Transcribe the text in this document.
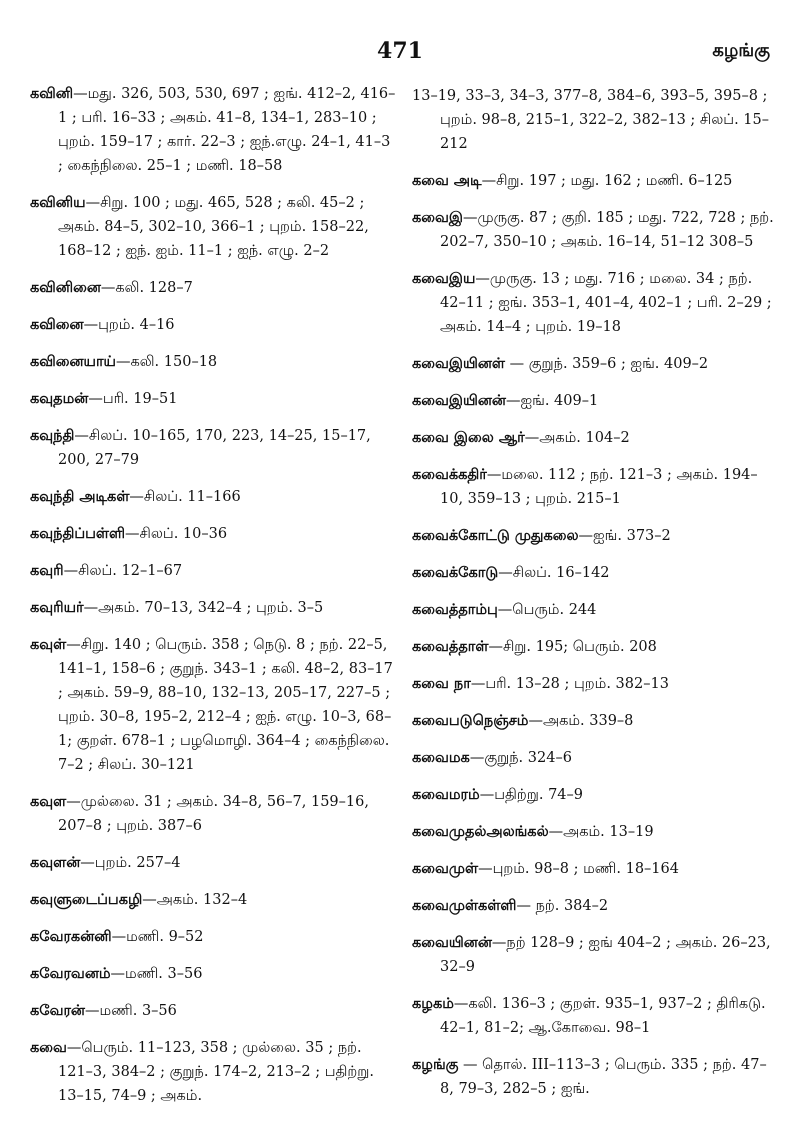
471	கழங்கு

கவினி—மது. 326, 503, 530, 697 ; ஐங். 412–2, 416–1 ; பரி. 16–33 ; அகம். 41–8, 134–1, 283–10 ; புறம். 159–17 ; கார். 22–3 ; ஐந்.எழு. 24–1, 41–3 ; கைந்நிலை. 25–1 ; மணி. 18–58

கவினிய—சிறு. 100 ; மது. 465, 528 ; கலி. 45–2 ; அகம். 84–5, 302–10, 366–1 ; புறம். 158–22, 168–12 ; ஐந். ஐம். 11–1 ; ஐந். எழு. 2–2

கவினினை—கலி. 128–7

கவினை—புறம். 4–16

கவினையாய்—கலி. 150–18

கவுதமன்—பரி. 19–51

கவுந்தி—சிலப். 10–165, 170, 223, 14–25, 15–17, 200, 27–79

கவுந்தி அடிகள்—சிலப். 11–166

கவுந்திப்பள்ளி—சிலப். 10–36

கவுரி—சிலப். 12–1–67

கவுரியர்—அகம். 70–13, 342–4 ; புறம். 3–5

கவுள்—சிறு. 140 ; பெரும். 358 ; நெடு. 8 ; நற். 22–5, 141–1, 158–6 ; குறுந். 343–1 ; கலி. 48–2, 83–17 ; அகம். 59–9, 88–10, 132–13, 205–17, 227–5 ; புறம். 30–8, 195–2, 212–4 ; ஐந். எழு. 10–3, 68–1; குறள். 678–1 ; பழமொழி. 364–4 ; கைந்நிலை. 7–2 ; சிலப். 30–121

கவுள—முல்லை. 31 ; அகம். 34–8, 56–7, 159–16, 207–8 ; புறம். 387–6

கவுளன்—புறம். 257–4

கவுளுடைப்பகழி—அகம். 132–4

கவேரகன்னி—மணி. 9–52

கவேரவனம்—மணி. 3–56

கவேரன்—மணி. 3–56

கவை—பெரும். 11–123, 358 ; முல்லை. 35 ; நற். 121–3, 384–2 ; குறுந். 174–2, 213–2 ; பதிற்று. 13–15, 74–9 ; அகம்.

13–19, 33–3, 34–3, 377–8, 384–6, 393–5, 395–8 ; புறம். 98–8, 215–1, 322–2, 382–13 ; சிலப். 15–212

கவை அடி—சிறு. 197 ; மது. 162 ; மணி. 6–125

கவைஇ—முருகு. 87 ; குறி. 185 ; மது. 722, 728 ; நற். 202–7, 350–10 ; அகம். 16–14, 51–12 308–5

கவைஇய—முருகு. 13 ; மது. 716 ; மலை. 34 ; நற். 42–11 ; ஐங். 353–1, 401–4, 402–1 ; பரி. 2–29 ; அகம். 14–4 ; புறம். 19–18

கவைஇயினள் — குறுந். 359–6 ; ஐங். 409–2

கவைஇயினன்—ஐங். 409–1

கவை இலை ஆர்—அகம். 104–2

கவைக்கதிர்—மலை. 112 ; நற். 121–3 ; அகம். 194–10, 359–13 ; புறம். 215–1

கவைக்கோட்டு முதுகலை—ஐங். 373–2

கவைக்கோடு—சிலப். 16–142

கவைத்தாம்பு—பெரும். 244

கவைத்தாள்—சிறு. 195; பெரும். 208

கவை நா—பரி. 13–28 ; புறம். 382–13

கவைபடுநெஞ்சம்—அகம். 339–8

கவைமக—குறுந். 324–6

கவைமரம்—பதிற்று. 74–9

கவைமுதல்அலங்கல்—அகம். 13–19

கவைமுள்—புறம். 98–8 ; மணி. 18–164

கவைமுள்கள்ளி— நற். 384–2

கவையினன்—நற் 128–9 ; ஐங் 404–2 ; அகம். 26–23, 32–9

கழகம்—கலி. 136–3 ; குறள். 935–1, 937–2 ; திரிகடு. 42–1, 81–2; ஆ.கோவை. 98–1

கழங்கு — தொல். III–113–3 ; பெரும். 335 ; நற். 47–8, 79–3, 282–5 ; ஐங்.
